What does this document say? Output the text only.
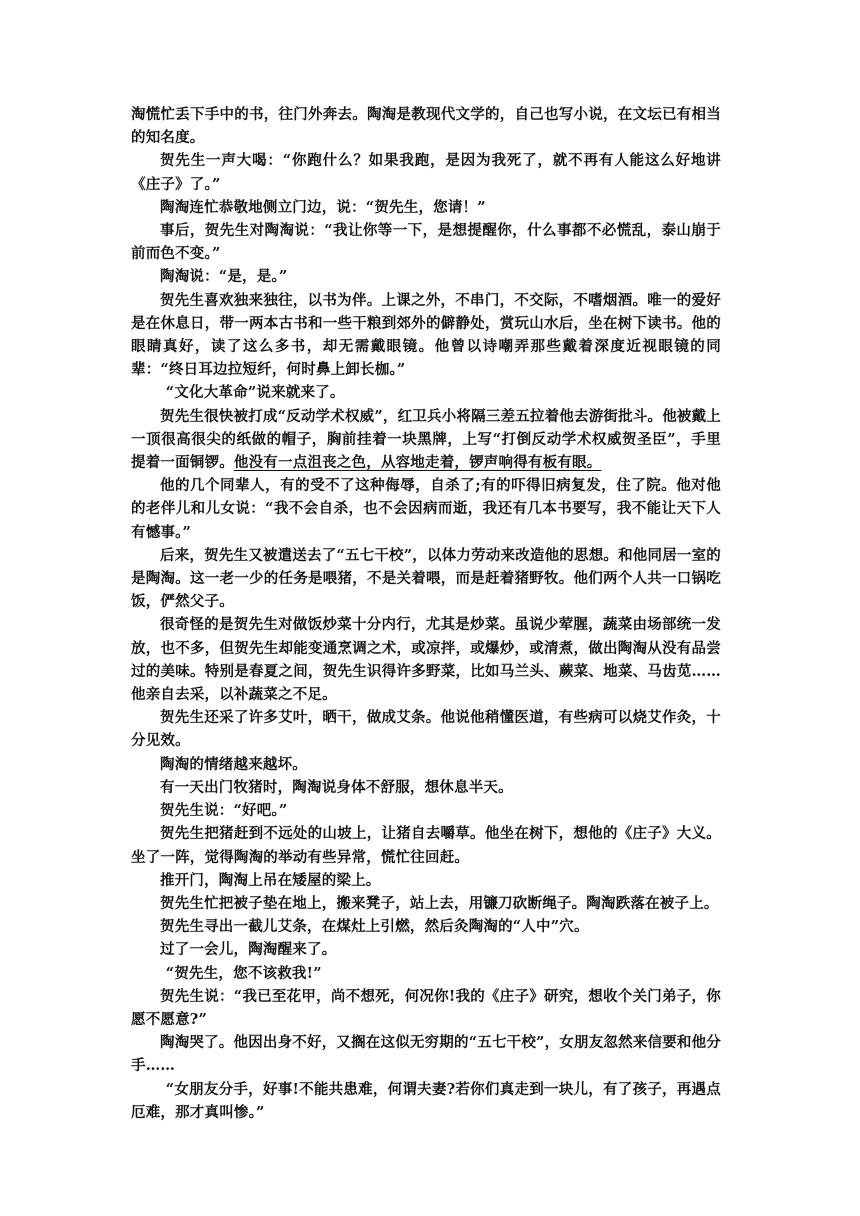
淘慌忙丢下手中的书，往门外奔去。陶淘是教现代文学的，自己也写小说，在文坛已有相当的知名度。

贺先生一声大喝：“你跑什么？如果我跑，是因为我死了，就不再有人能这么好地讲《庄子》了。”

陶淘连忙恭敬地侧立门边，说：“贺先生，您请！”

事后，贺先生对陶淘说：“我让你等一下，是想提醒你，什么事都不必慌乱，泰山崩于前而色不变。”

陶淘说：“是，是。”

贺先生喜欢独来独往，以书为伴。上课之外，不串门，不交际，不嗜烟酒。唯一的爱好是在休息日，带一两本古书和一些干粮到郊外的僻静处，赏玩山水后，坐在树下读书。他的眼睛真好，读了这么多书，却无需戴眼镜。他曾以诗嘲弄那些戴着深度近视眼镜的同辈：“终日耳边拉短纤，何时鼻上卸长枷。”

“文化大革命”说来就来了。

贺先生很快被打成“反动学术权威”，红卫兵小将隔三差五拉着他去游街批斗。他被戴上一顶很高很尖的纸做的帽子，胸前挂着一块黑牌，上写“打倒反动学术权威贺圣臣”，手里提着一面铜锣。他没有一点沮丧之色，从容地走着，锣声响得有板有眼。

他的几个同辈人，有的受不了这种侮辱，自杀了;有的吓得旧病复发，住了院。他对他的老伴儿和儿女说：“我不会自杀，也不会因病而逝，我还有几本书要写，我不能让天下人有憾事。”

后来，贺先生又被遣送去了“五七干校”，以体力劳动来改造他的思想。和他同居一室的是陶淘。这一老一少的任务是喂猪，不是关着喂，而是赶着猪野牧。他们两个人共一口锅吃饭，俨然父子。

很奇怪的是贺先生对做饭炒菜十分内行，尤其是炒菜。虽说少荤腥，蔬菜由场部统一发放，也不多，但贺先生却能变通烹调之术，或凉拌，或爆炒，或清煮，做出陶淘从没有品尝过的美味。特别是春夏之间，贺先生识得许多野菜，比如马兰头、蕨菜、地菜、马齿苋……他亲自去采，以补蔬菜之不足。

贺先生还采了许多艾叶，晒干，做成艾条。他说他稍懂医道，有些病可以烧艾作灸，十分见效。

陶淘的情绪越来越坏。

有一天出门牧猪时，陶淘说身体不舒服，想休息半天。

贺先生说：“好吧。”

贺先生把猪赶到不远处的山坡上，让猪自去嚼草。他坐在树下，想他的《庄子》大义。坐了一阵，觉得陶淘的举动有些异常，慌忙往回赶。

推开门，陶淘上吊在矮屋的梁上。

贺先生忙把被子垫在地上，搬来凳子，站上去，用镰刀砍断绳子。陶淘跌落在被子上。

贺先生寻出一截儿艾条，在煤灶上引燃，然后灸陶淘的“人中”穴。

过了一会儿，陶淘醒来了。

“贺先生，您不该救我!”

贺先生说：“我已至花甲，尚不想死，何况你!我的《庄子》研究，想收个关门弟子，你愿不愿意?”

陶淘哭了。他因出身不好，又搁在这似无穷期的“五七干校”，女朋友忽然来信要和他分手……

“女朋友分手，好事!不能共患难，何谓夫妻?若你们真走到一块儿，有了孩子，再遇点厄难，那才真叫惨。”
